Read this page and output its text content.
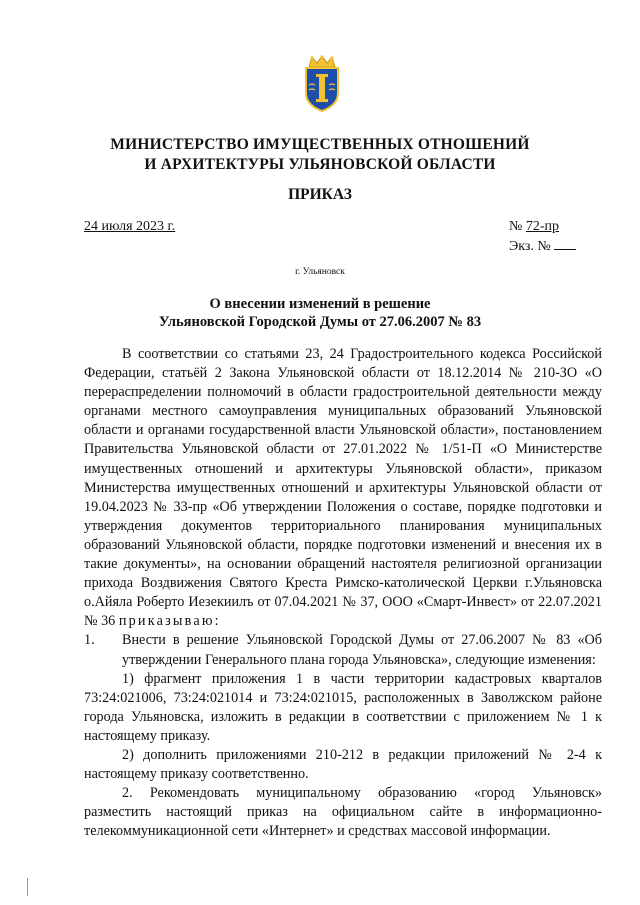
МИНИСТЕРСТВО ИМУЩЕСТВЕННЫХ ОТНОШЕНИЙ
И АРХИТЕКТУРЫ УЛЬЯНОВСКОЙ ОБЛАСТИ
ПРИКАЗ
24 июля 2023 г.	№ 72-пр
Экз. №
г. Ульяновск
О внесении изменений в решение
Ульяновской Городской Думы от 27.06.2007 № 83

В соответствии со статьями 23, 24 Градостроительного кодекса Российской Федерации, статьёй 2 Закона Ульяновской области от 18.12.2014 № 210-ЗО «О перераспределении полномочий в области градостроительной деятельности между органами местного самоуправления муниципальных образований Ульяновской области и органами государственной власти Ульяновской области», постановлением Правительства Ульяновской области от 27.01.2022 № 1/51-П «О Министерстве имущественных отношений и архитектуры Ульяновской области», приказом Министерства имущественных отношений и архитектуры Ульяновской области от 19.04.2023 № 33-пр «Об утверждении Положения о составе, порядке подготовки и утверждения документов территориального планирования муниципальных образований Ульяновской области, порядке подготовки изменений и внесения их в такие документы», на основании обращений настоятеля религиозной организации прихода Воздвижения Святого Креста Римско-католической Церкви г.Ульяновска о.Айяла Роберто Иезекиилъ от 07.04.2021 № 37, ООО «Смарт-Инвест» от 22.07.2021 № 36 приказываю:

1. Внести в решение Ульяновской Городской Думы от 27.06.2007 № 83 «Об утверждении Генерального плана города Ульяновска», следующие изменения:

1) фрагмент приложения 1 в части территории кадастровых кварталов 73:24:021006, 73:24:021014 и 73:24:021015, расположенных в Заволжском районе города Ульяновска, изложить в редакции в соответствии с приложением № 1 к настоящему приказу.

2) дополнить приложениями 210-212 в редакции приложений № 2-4 к настоящему приказу соответственно.

2. Рекомендовать муниципальному образованию «город Ульяновск» разместить настоящий приказ на официальном сайте в информационно-телекоммуникационной сети «Интернет» и средствах массовой информации.
